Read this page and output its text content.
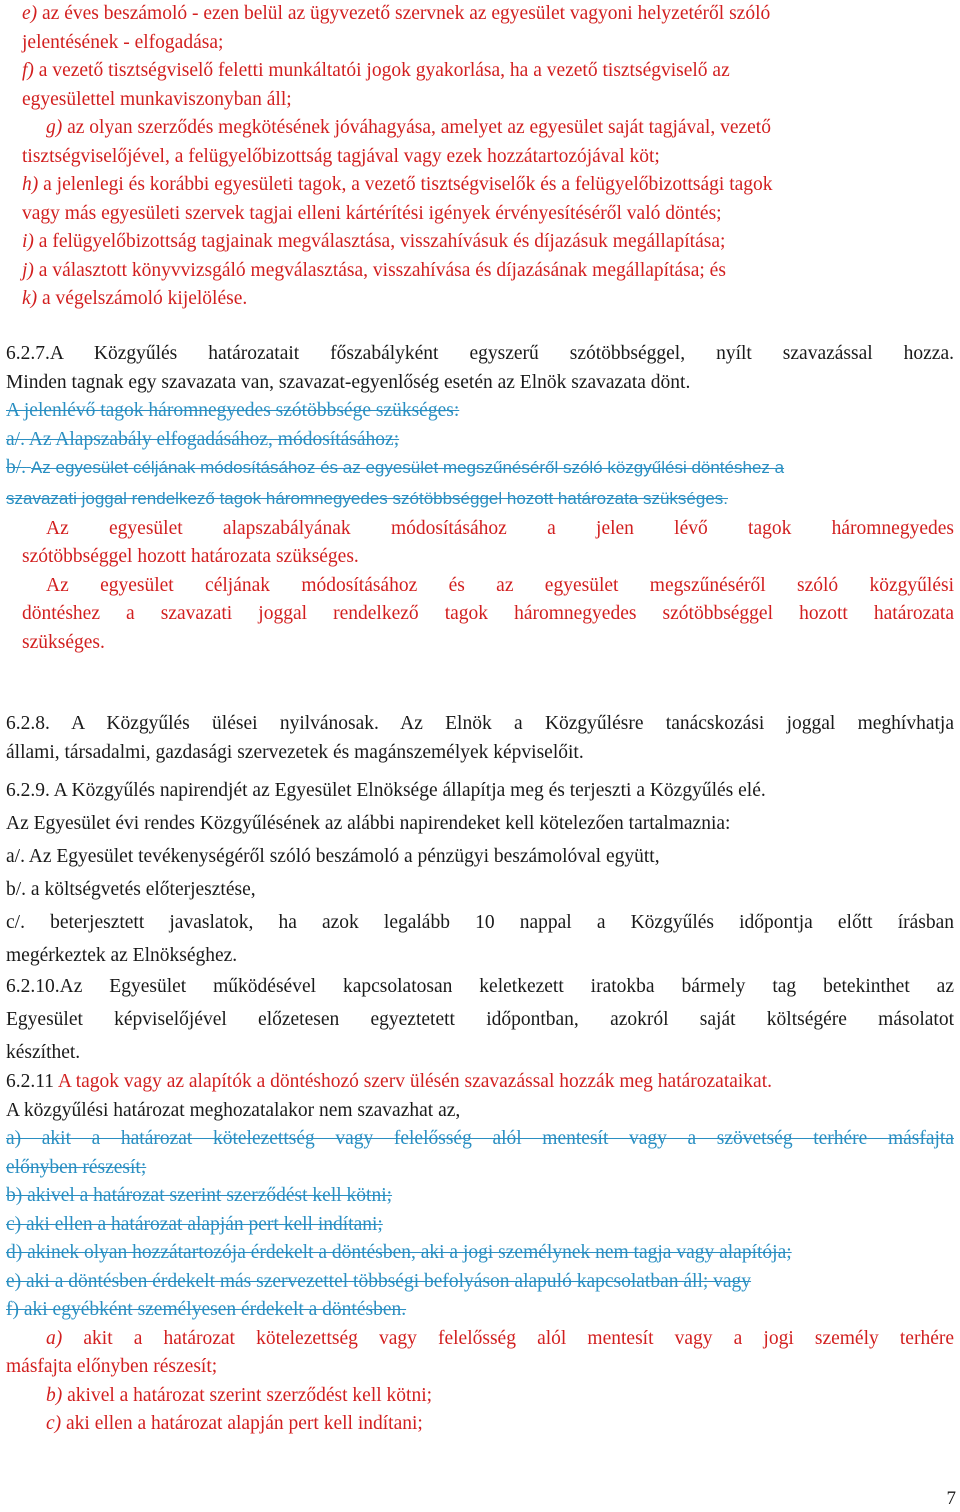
e) az éves beszámoló - ezen belül az ügyvezető szervnek az egyesület vagyoni helyzetéről szóló
jelentésének - elfogadása;
f) a vezető tisztségviselő feletti munkáltatói jogok gyakorlása, ha a vezető tisztségviselő az
egyesülettel munkaviszonyban áll;
g) az olyan szerződés megkötésének jóváhagyása, amelyet az egyesület saját tagjával, vezető
tisztségviselőjével, a felügyelőbizottság tagjával vagy ezek hozzátartozójával köt;
h) a jelenlegi és korábbi egyesületi tagok, a vezető tisztségviselők és a felügyelőbizottsági tagok
vagy más egyesületi szervek tagjai elleni kártérítési igények érvényesítéséről való döntés;
i) a felügyelőbizottság tagjainak megválasztása, visszahívásuk és díjazásuk megállapítása;
j) a választott könyvvizsgáló megválasztása, visszahívása és díjazásának megállapítása; és
k) a végelszámoló kijelölése.
6.2.7.A Közgyűlés határozatait főszabályként egyszerű szótöbbséggel, nyílt szavazással hozza.
Minden tagnak egy szavazata van, szavazat-egyenlőség esetén az Elnök szavazata dönt.
A jelenlévő tagok háromnegyedes szótöbbsége szükséges:
a/. Az Alapszabály elfogadásához, módosításához;
b/. Az egyesület céljának módosításához és az egyesület megszűnéséről szóló közgyűlési döntéshez a
szavazati joggal rendelkező tagok háromnegyedes szótöbbséggel hozott határozata szükséges.
Az egyesület alapszabályának módosításához a jelen lévő tagok háromnegyedes
szótöbbséggel hozott határozata szükséges.
Az egyesület céljának módosításához és az egyesület megszűnéséről szóló közgyűlési
döntéshez a szavazati joggal rendelkező tagok háromnegyedes szótöbbséggel hozott határozata
szükséges.
6.2.8. A Közgyűlés ülései nyilvánosak. Az Elnök a Közgyűlésre tanácskozási joggal meghívhatja
állami, társadalmi, gazdasági szervezetek és magánszemélyek képviselőit.
6.2.9. A Közgyűlés napirendjét az Egyesület Elnöksége állapítja meg és terjeszti a Közgyűlés elé.
Az Egyesület évi rendes Közgyűlésének az alábbi napirendeket kell kötelezően tartalmaznia:
a/. Az Egyesület tevékenységéről szóló beszámoló a pénzügyi beszámolóval együtt,
b/. a költségvetés előterjesztése,
c/. beterjesztett javaslatok, ha azok legalább 10 nappal a Közgyűlés időpontja előtt írásban
megérkeztek az Elnökséghez.
6.2.10.Az Egyesület működésével kapcsolatosan keletkezett iratokba bármely tag betekinthet az
Egyesület képviselőjével előzetesen egyeztetett időpontban, azokról saját költségére másolatot
készíthet.
6.2.11 A tagok vagy az alapítók a döntéshozó szerv ülésén szavazással hozzák meg határozataikat.
A közgyűlési határozat meghozatalakor nem szavazhat az,
a) akit a határozat kötelezettség vagy felelősség alól mentesít vagy a szövetség terhére másfajta
előnyben részesít;
b) akivel a határozat szerint szerződést kell kötni;
c) aki ellen a határozat alapján pert kell indítani;
d) akinek olyan hozzátartozója érdekelt a döntésben, aki a jogi személynek nem tagja vagy alapítója;
e) aki a döntésben érdekelt más szervezettel többségi befolyáson alapuló kapcsolatban áll; vagy
f) aki egyébként személyesen érdekelt a döntésben.
a) akit a határozat kötelezettség vagy felelősség alól mentesít vagy a jogi személy terhére
másfajta előnyben részesít;
b) akivel a határozat szerint szerződést kell kötni;
c) aki ellen a határozat alapján pert kell indítani;
7
